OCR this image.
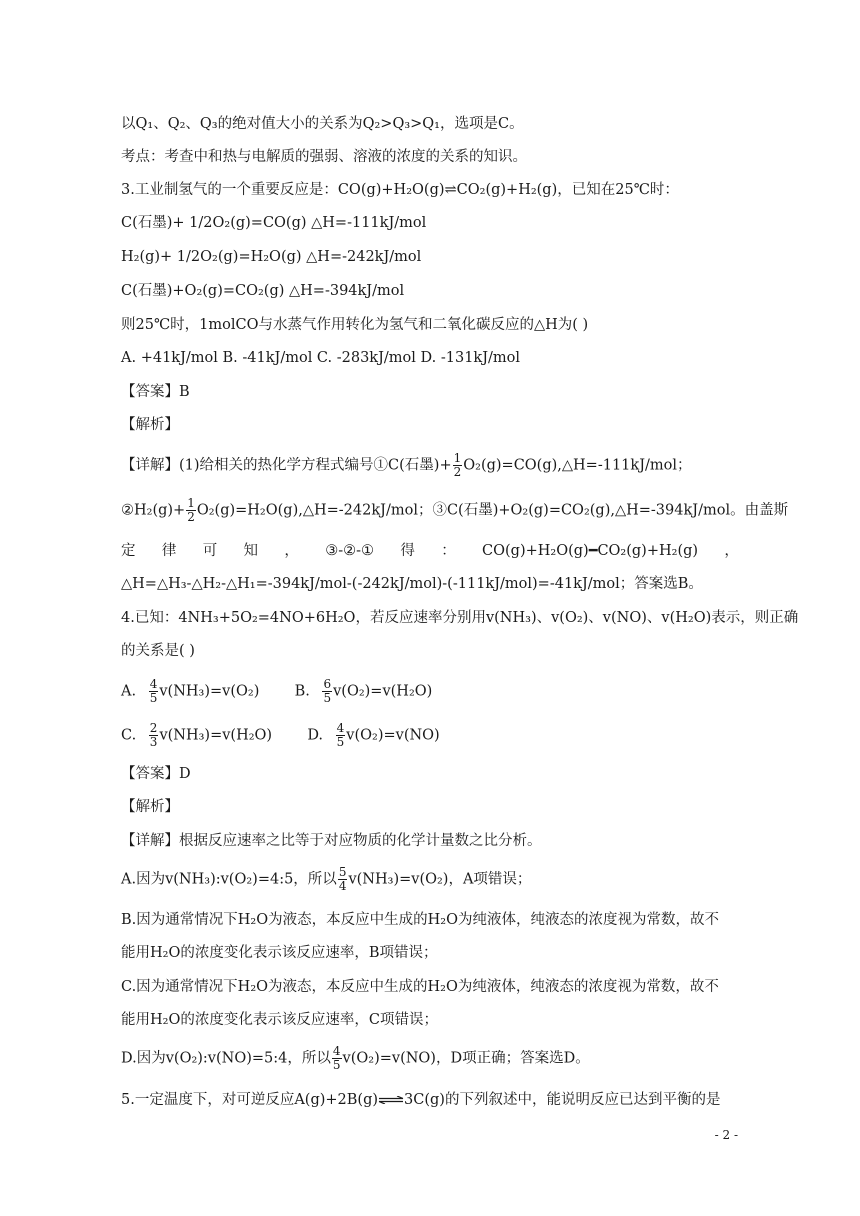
以Q₁、Q₂、Q₃的绝对值大小的关系为Q₂>Q₃>Q₁，选项是C。
考点：考查中和热与电解质的强弱、溶液的浓度的关系的知识。
3.工业制氢气的一个重要反应是：CO(g)+H₂O(g)⇌CO₂(g)+H₂(g)，已知在25℃时：
C(石墨)+ 1/2O₂(g)=CO(g) △H=-111kJ/mol
H₂(g)+ 1/2O₂(g)=H₂O(g) △H=-242kJ/mol
C(石墨)+O₂(g)=CO₂(g) △H=-394kJ/mol
则25℃时，1molCO与水蒸气作用转化为氢气和二氧化碳反应的△H为( )
A. +41kJ/mol B. -41kJ/mol C. -283kJ/mol D. -131kJ/mol
【答案】B
【解析】
【详解】(1)给相关的热化学方程式编号①C(石墨)+ $\frac{1}{2}$ O₂(g)=CO(g),△H=-111kJ/mol；
②H₂(g)+ $\frac{1}{2}$ O₂(g)=H₂O(g),△H=-242kJ/mol；③C(石墨)+O₂(g)=CO₂(g),△H=-394kJ/mol。由盖斯
定 律 可 知 ， ③-②-① 得 ： CO(g)+H₂O(g)━CO₂(g)+H₂(g) ，
△H=△H₃-△H₂-△H₁=-394kJ/mol-(-242kJ/mol)-(-111kJ/mol)=-41kJ/mol；答案选B。
4.已知：4NH₃+5O₂=4NO+6H₂O，若反应速率分别用v(NH₃)、v(O₂)、v(NO)、v(H₂O)表示，则正确
的关系是( )
A. $\frac{4}{5} v(NH_3)=v(O_2)$ B. $\frac{6}{5} v(O_2)=v(H_2O)$
C. $\frac{2}{3} v(NH_3)=v(H_2O)$ D. $\frac{4}{5} v(O_2)=v(NO)$
【答案】D
【解析】
【详解】根据反应速率之比等于对应物质的化学计量数之比分析。
A.因为v(NH₃):v(O₂)=4:5，所以 $\frac{5}{4} v(NH_3)=v(O_2)$，A项错误；
B.因为通常情况下H₂O为液态，本反应中生成的H₂O为纯液体，纯液态的浓度视为常数，故不
能用H₂O的浓度变化表示该反应速率，B项错误；
C.因为通常情况下H₂O为液态，本反应中生成的H₂O为纯液体，纯液态的浓度视为常数，故不
能用H₂O的浓度变化表示该反应速率，C项错误；
D.因为v(O₂):v(NO)=5:4，所以 $\frac{4}{5} v(O_2)=v(NO)$，D项正确；答案选D。
5.一定温度下，对可逆反应A(g)+2B(g)⇌3C(g)的下列叙述中，能说明反应已达到平衡的是
- 2 -
